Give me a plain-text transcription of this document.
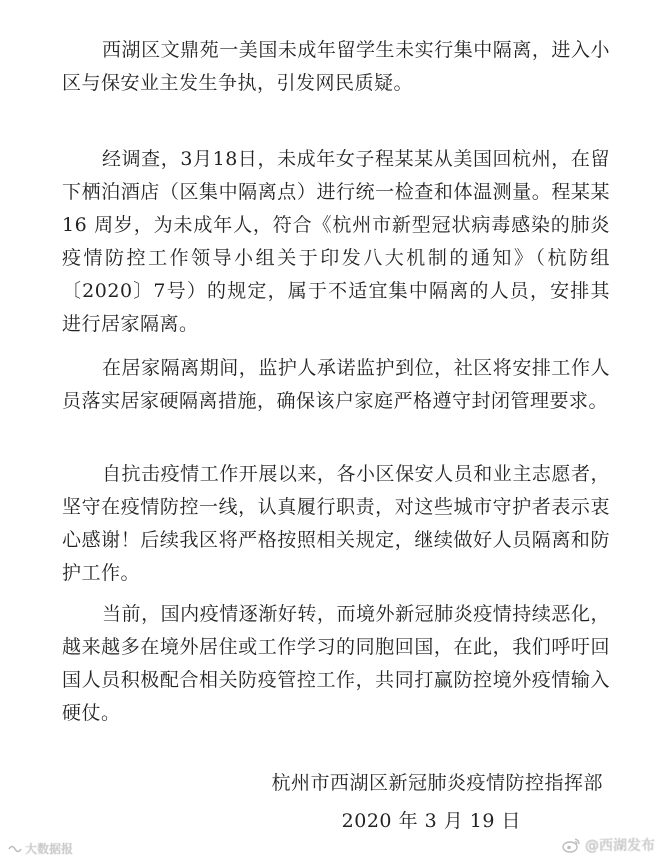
西湖区文鼎苑一美国未成年留学生未实行集中隔离，进入小区与保安业主发生争执，引发网民质疑。

经调查，3月18日，未成年女子程某某从美国回杭州，在留下栖泊酒店（区集中隔离点）进行统一检查和体温测量。程某某 16 周岁，为未成年人，符合《杭州市新型冠状病毒感染的肺炎疫情防控工作领导小组关于印发八大机制的通知》（杭防组〔2020〕7号）的规定，属于不适宜集中隔离的人员，安排其进行居家隔离。

在居家隔离期间，监护人承诺监护到位，社区将安排工作人员落实居家硬隔离措施，确保该户家庭严格遵守封闭管理要求。

自抗击疫情工作开展以来，各小区保安人员和业主志愿者，坚守在疫情防控一线，认真履行职责，对这些城市守护者表示衷心感谢！后续我区将严格按照相关规定，继续做好人员隔离和防护工作。

当前，国内疫情逐渐好转，而境外新冠肺炎疫情持续恶化，越来越多在境外居住或工作学习的同胞回国，在此，我们呼吁回国人员积极配合相关防疫管控工作，共同打赢防控境外疫情输入硬仗。

杭州市西湖区新冠肺炎疫情防控指挥部

2020 年 3 月 19 日

大数据报	@西湖发布
